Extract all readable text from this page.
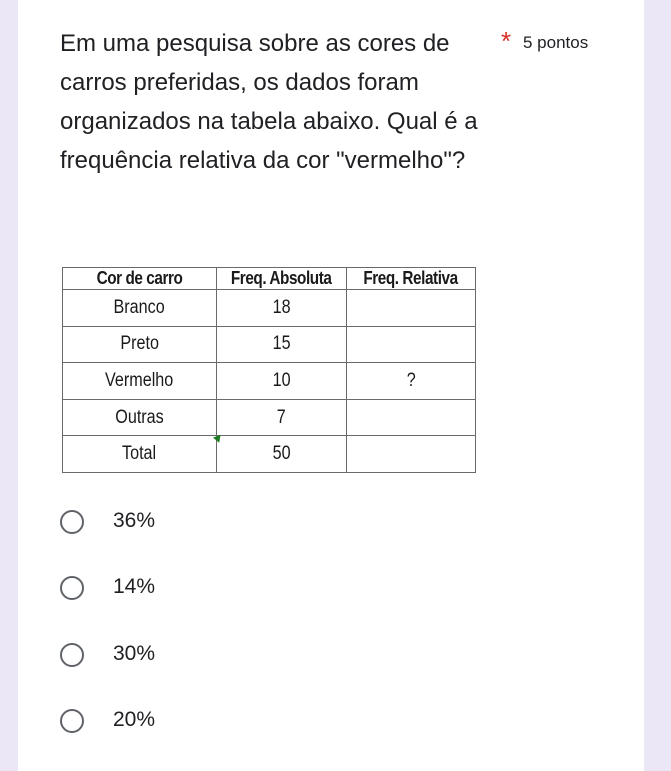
Em uma pesquisa sobre as cores de carros preferidas, os dados foram organizados na tabela abaixo. Qual é a frequência relativa da cor "vermelho"?

* 5 pontos
Cor de carro	Freq. Absoluta	Freq. Relativa
Branco	18	
Preto	15	
Vermelho	10	?
Outras	7	
Total	50	
36%
14%
30%
20%
